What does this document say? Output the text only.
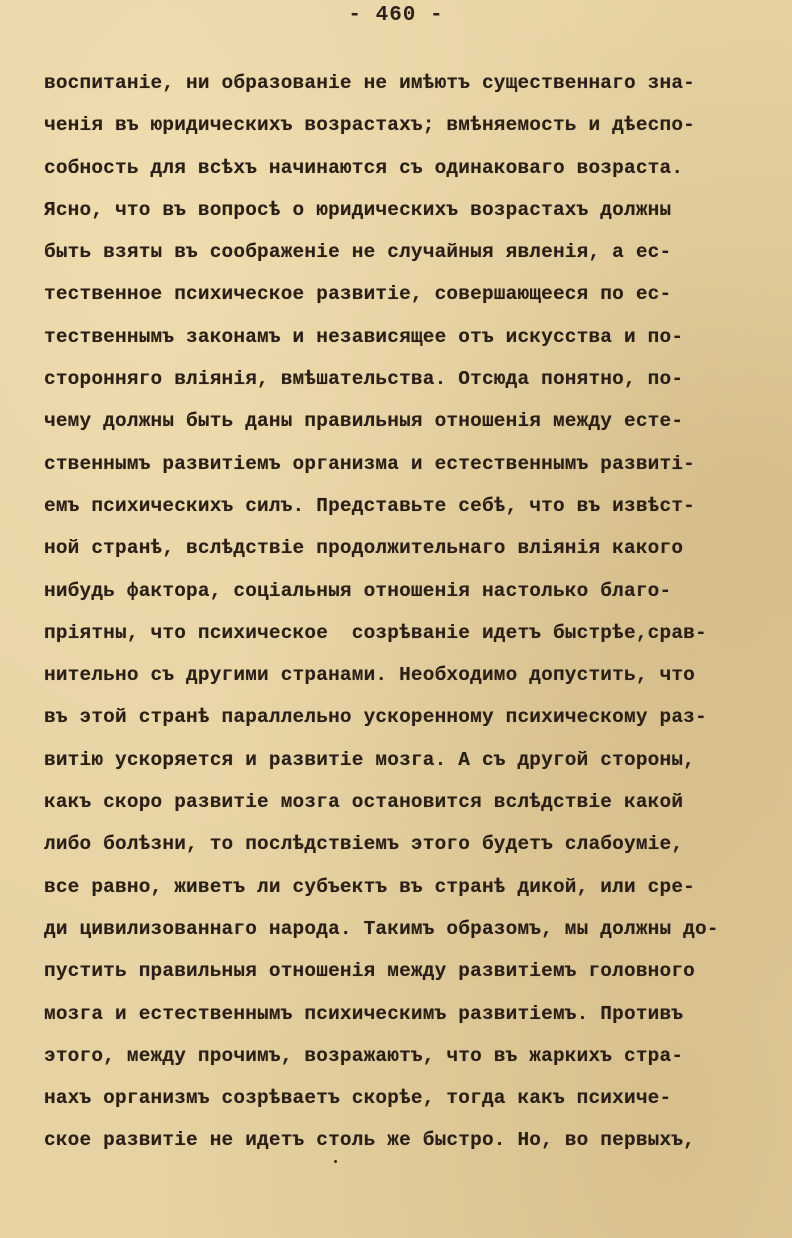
- 460 -
воспитаніе, ни образованіе не имѣютъ существеннаго зна-
ченія въ юридическихъ возрастахъ; вмѣняемость и дѣеспо-
собность для всѣхъ начинаются съ одинаковаго возраста.
Ясно, что въ вопросѣ о юридическихъ возрастахъ должны
быть взяты въ соображеніе не случайныя явленія, а ес-
тественное психическое развитіе, совершающееся по ес-
тественнымъ законамъ и независящее отъ искусства и по-
сторонняго вліянія, вмѣшательства. Отсюда понятно, по-
чему должны быть даны правильныя отношенія между есте-
ственнымъ развитіемъ организма и естественнымъ развиті-
емъ психическихъ силъ. Представьте себѣ, что въ извѣст-
ной странѣ, вслѣдствіе продолжительнаго вліянія какого
нибудь фактора, соціальныя отношенія настолько благо-
пріятны, что психическое  созрѣваніе идетъ быстрѣе,срав-
нительно съ другими странами. Необходимо допустить, что
въ этой странѣ параллельно ускоренному психическому раз-
витію ускоряется и развитіе мозга. А съ другой стороны,
какъ скоро развитіе мозга остановится вслѣдствіе какой
либо болѣзни, то послѣдствіемъ этого будетъ слабоуміе,
все равно, живетъ ли субъектъ въ странѣ дикой, или сре-
ди цивилизованнаго народа. Такимъ образомъ, мы должны до-
пустить правильныя отношенія между развитіемъ головного
мозга и естественнымъ психическимъ развитіемъ. Противъ
этого, между прочимъ, возражаютъ, что въ жаркихъ стра-
нахъ организмъ созрѣваетъ скорѣе, тогда какъ психиче-
ское развитіе не идетъ столь же быстро. Но, во первыхъ,
